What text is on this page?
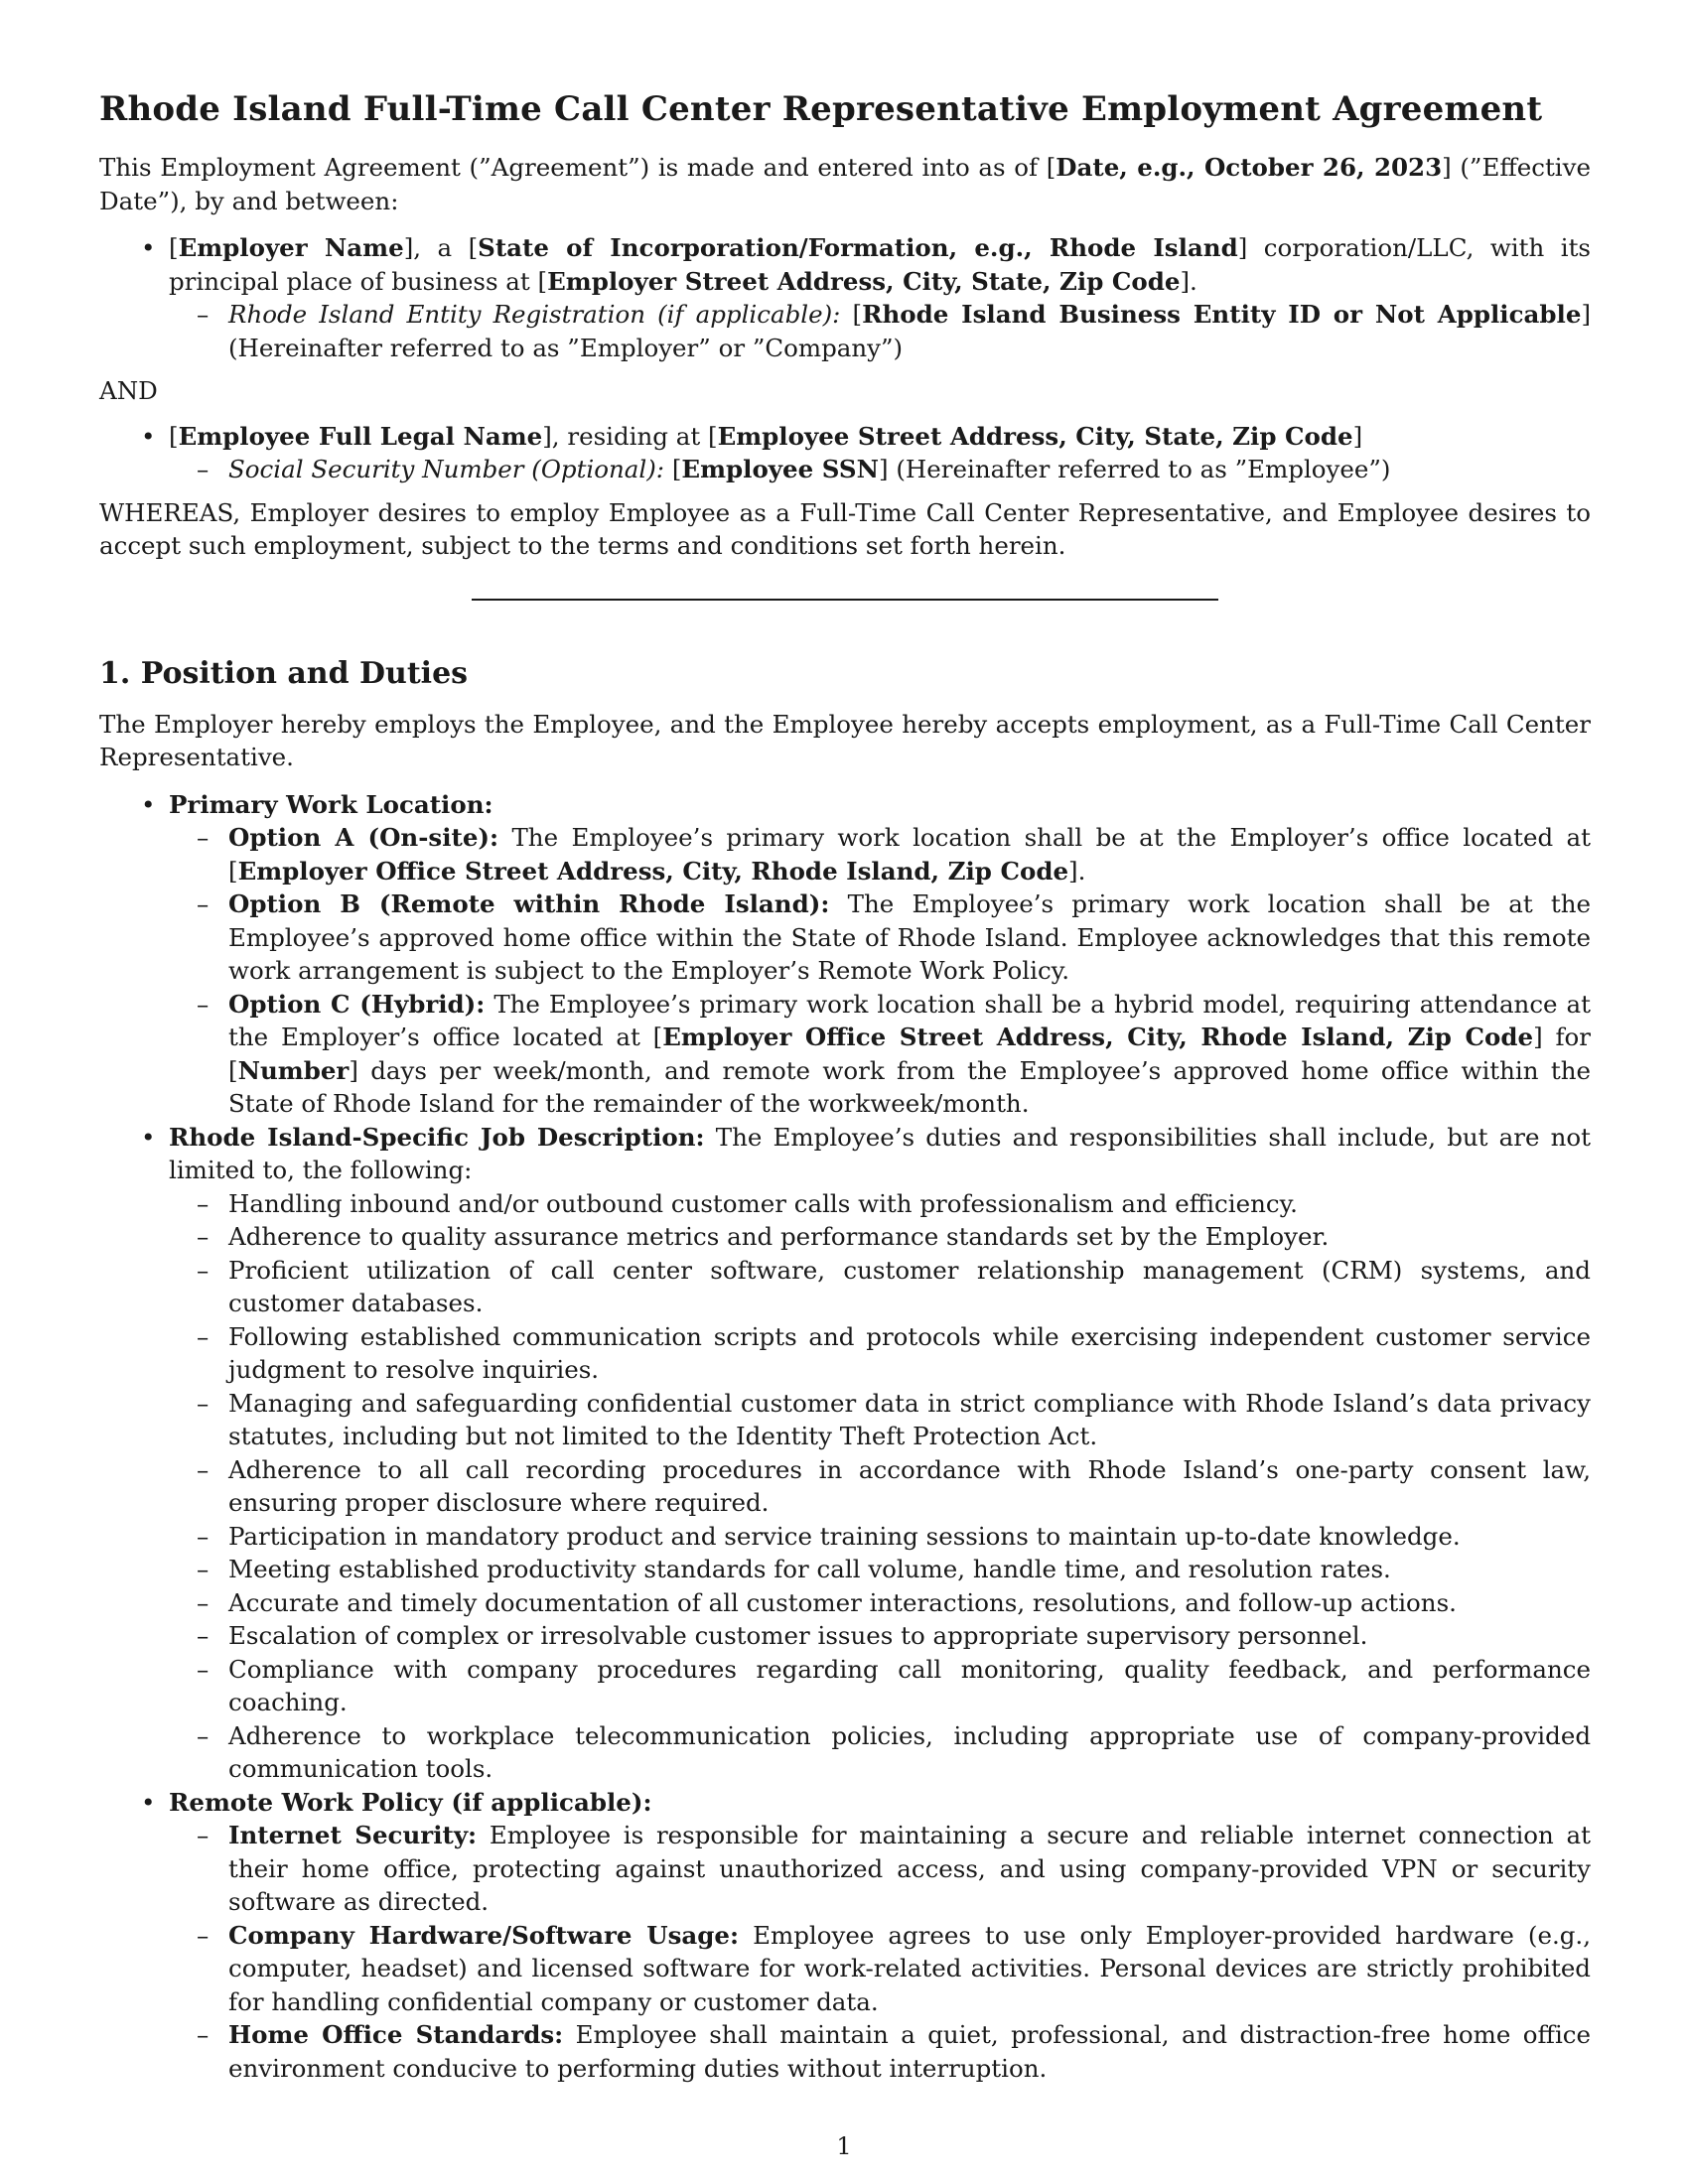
Rhode Island Full-Time Call Center Representative Employment Agreement

This Employment Agreement (”Agreement”) is made and entered into as of [Date, e.g., October 26, 2023] (”Effective Date”), by and between:

• [Employer Name], a [State of Incorporation/Formation, e.g., Rhode Island] corporation/LLC, with its principal place of business at [Employer Street Address, City, State, Zip Code].
– Rhode Island Entity Registration (if applicable): [Rhode Island Business Entity ID or Not Applicable] (Hereinafter referred to as ”Employer” or ”Company”)

AND

• [Employee Full Legal Name], residing at [Employee Street Address, City, State, Zip Code]
– Social Security Number (Optional): [Employee SSN] (Hereinafter referred to as ”Employee”)

WHEREAS, Employer desires to employ Employee as a Full-Time Call Center Representative, and Employee desires to accept such employment, subject to the terms and conditions set forth herein.

1. Position and Duties

The Employer hereby employs the Employee, and the Employee hereby accepts employment, as a Full-Time Call Center Representative.

• Primary Work Location:
– Option A (On-site): The Employee’s primary work location shall be at the Employer’s office located at [Employer Office Street Address, City, Rhode Island, Zip Code].
– Option B (Remote within Rhode Island): The Employee’s primary work location shall be at the Employee’s approved home office within the State of Rhode Island. Employee acknowledges that this remote work arrangement is subject to the Employer’s Remote Work Policy.
– Option C (Hybrid): The Employee’s primary work location shall be a hybrid model, requiring attendance at the Employer’s office located at [Employer Office Street Address, City, Rhode Island, Zip Code] for [Number] days per week/month, and remote work from the Employee’s approved home office within the State of Rhode Island for the remainder of the workweek/month.
• Rhode Island-Specific Job Description: The Employee’s duties and responsibilities shall include, but are not limited to, the following:
– Handling inbound and/or outbound customer calls with professionalism and efficiency.
– Adherence to quality assurance metrics and performance standards set by the Employer.
– Proficient utilization of call center software, customer relationship management (CRM) systems, and customer databases.
– Following established communication scripts and protocols while exercising independent customer service judgment to resolve inquiries.
– Managing and safeguarding confidential customer data in strict compliance with Rhode Island’s data privacy statutes, including but not limited to the Identity Theft Protection Act.
– Adherence to all call recording procedures in accordance with Rhode Island’s one-party consent law, ensuring proper disclosure where required.
– Participation in mandatory product and service training sessions to maintain up-to-date knowledge.
– Meeting established productivity standards for call volume, handle time, and resolution rates.
– Accurate and timely documentation of all customer interactions, resolutions, and follow-up actions.
– Escalation of complex or irresolvable customer issues to appropriate supervisory personnel.
– Compliance with company procedures regarding call monitoring, quality feedback, and performance coaching.
– Adherence to workplace telecommunication policies, including appropriate use of company-provided communication tools.
• Remote Work Policy (if applicable):
– Internet Security: Employee is responsible for maintaining a secure and reliable internet connection at their home office, protecting against unauthorized access, and using company-provided VPN or security software as directed.
– Company Hardware/Software Usage: Employee agrees to use only Employer-provided hardware (e.g., computer, headset) and licensed software for work-related activities. Personal devices are strictly prohibited for handling confidential company or customer data.
– Home Office Standards: Employee shall maintain a quiet, professional, and distraction-free home office environment conducive to performing duties without interruption.
1
